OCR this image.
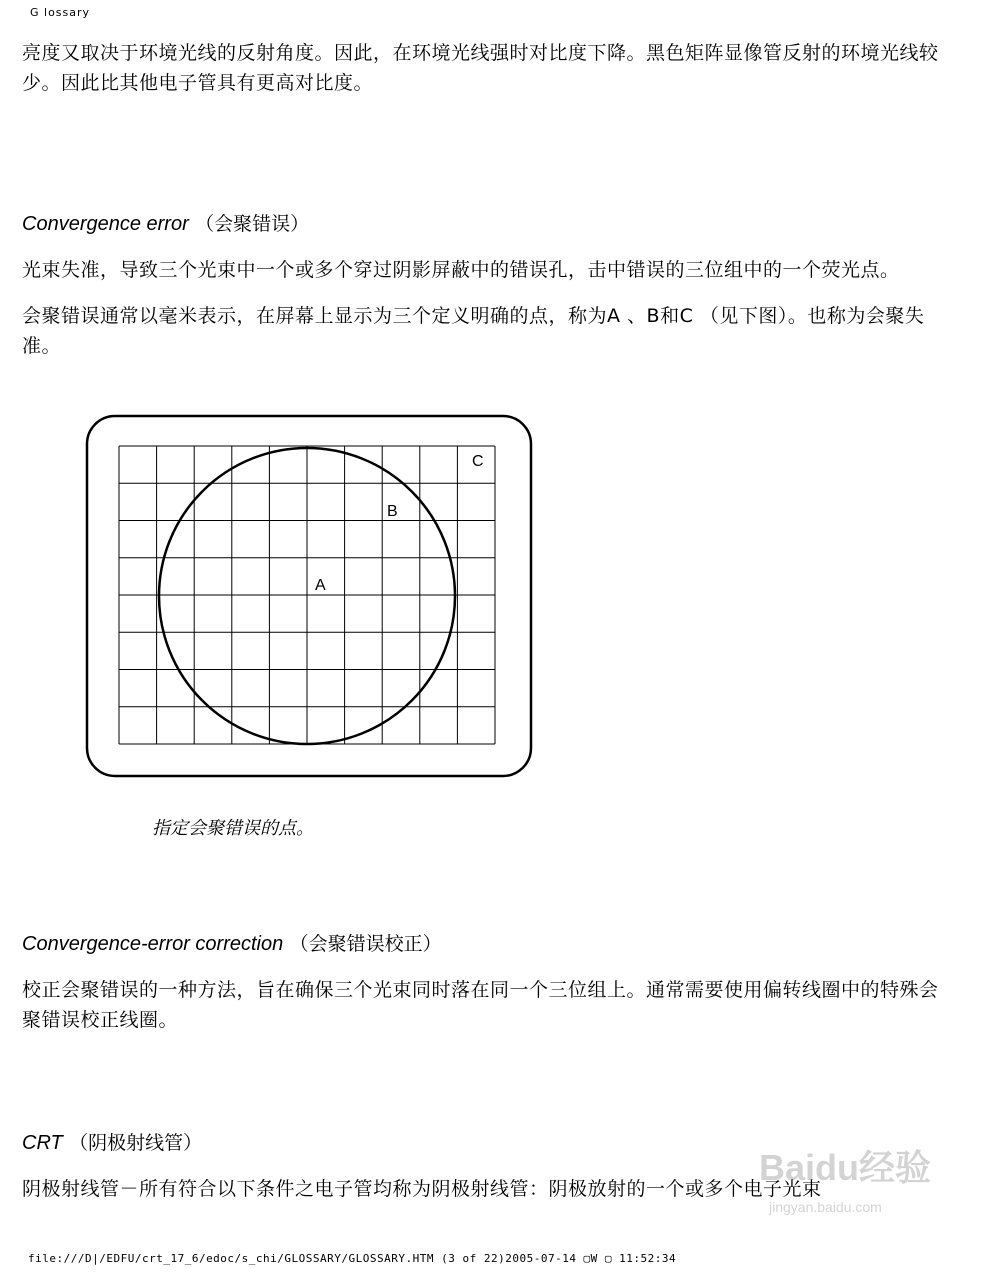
G lossary

亮度又取决于环境光线的反射角度。因此，在环境光线强时对比度下降。黑色矩阵显像管反射的环境光线较少。因此比其他电子管具有更高对比度。

Convergence error （会聚错误）

光束失准，导致三个光束中一个或多个穿过阴影屏蔽中的错误孔，击中错误的三位组中的一个荧光点。

会聚错误通常以毫米表示，在屏幕上显示为三个定义明确的点，称为A 、B和C （见下图）。也称为会聚失准。

A
B
C
指定会聚错误的点。

Convergence-error correction （会聚错误校正）

校正会聚错误的一种方法，旨在确保三个光束同时落在同一个三位组上。通常需要使用偏转线圈中的特殊会聚错误校正线圈。

CRT （阴极射线管）

阴极射线管－所有符合以下条件之电子管均称为阴极射线管：阴极放射的一个或多个电子光束

Baidu经验
jingyan.baidu.com
file:///D|/EDFU/crt_17_6/edoc/s_chi/GLOSSARY/GLOSSARY.HTM (3 of 22)2005-07-14 ▢W ▢ 11:52:34
